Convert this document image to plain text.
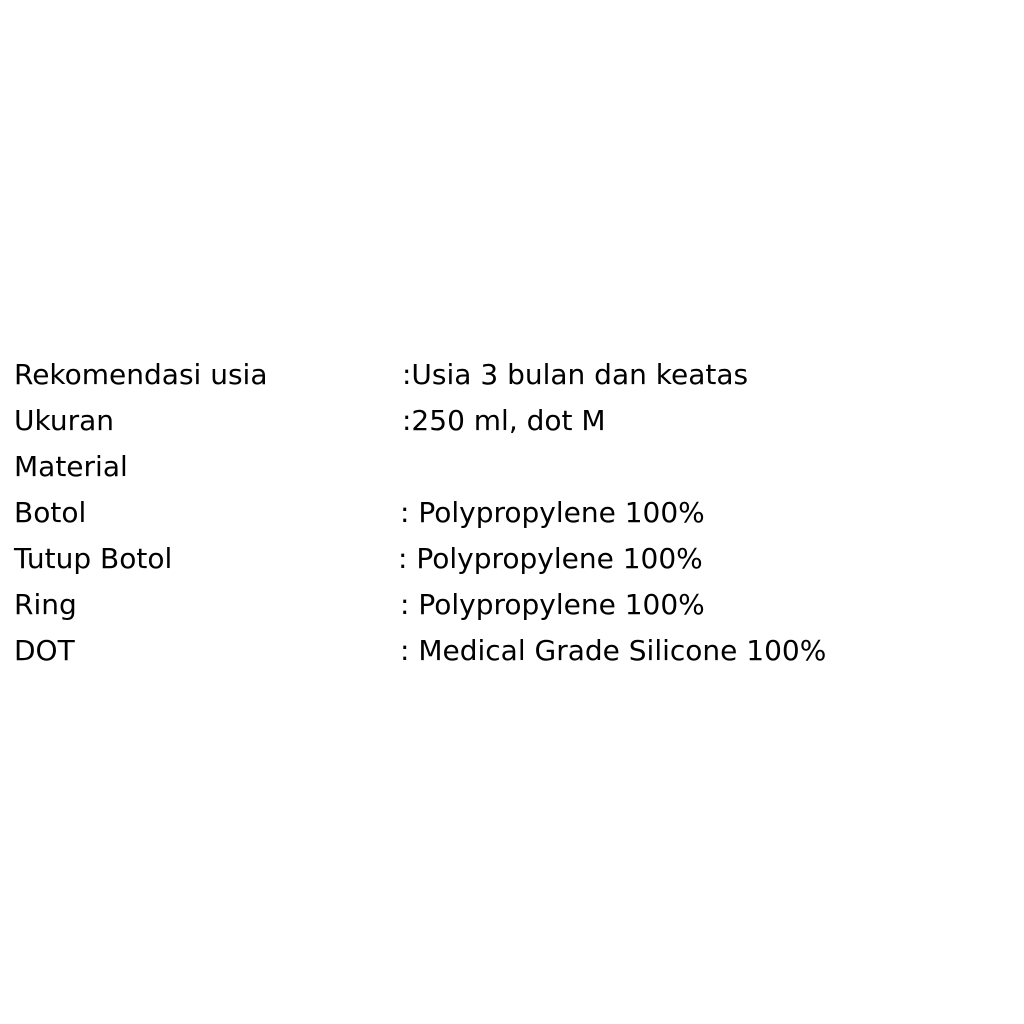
Rekomendasi usia	:Usia 3 bulan dan keatas
Ukuran	:250 ml, dot M
Material
Botol	: Polypropylene 100%
Tutup Botol	: Polypropylene 100%
Ring	: Polypropylene 100%
DOT	: Medical Grade Silicone 100%
